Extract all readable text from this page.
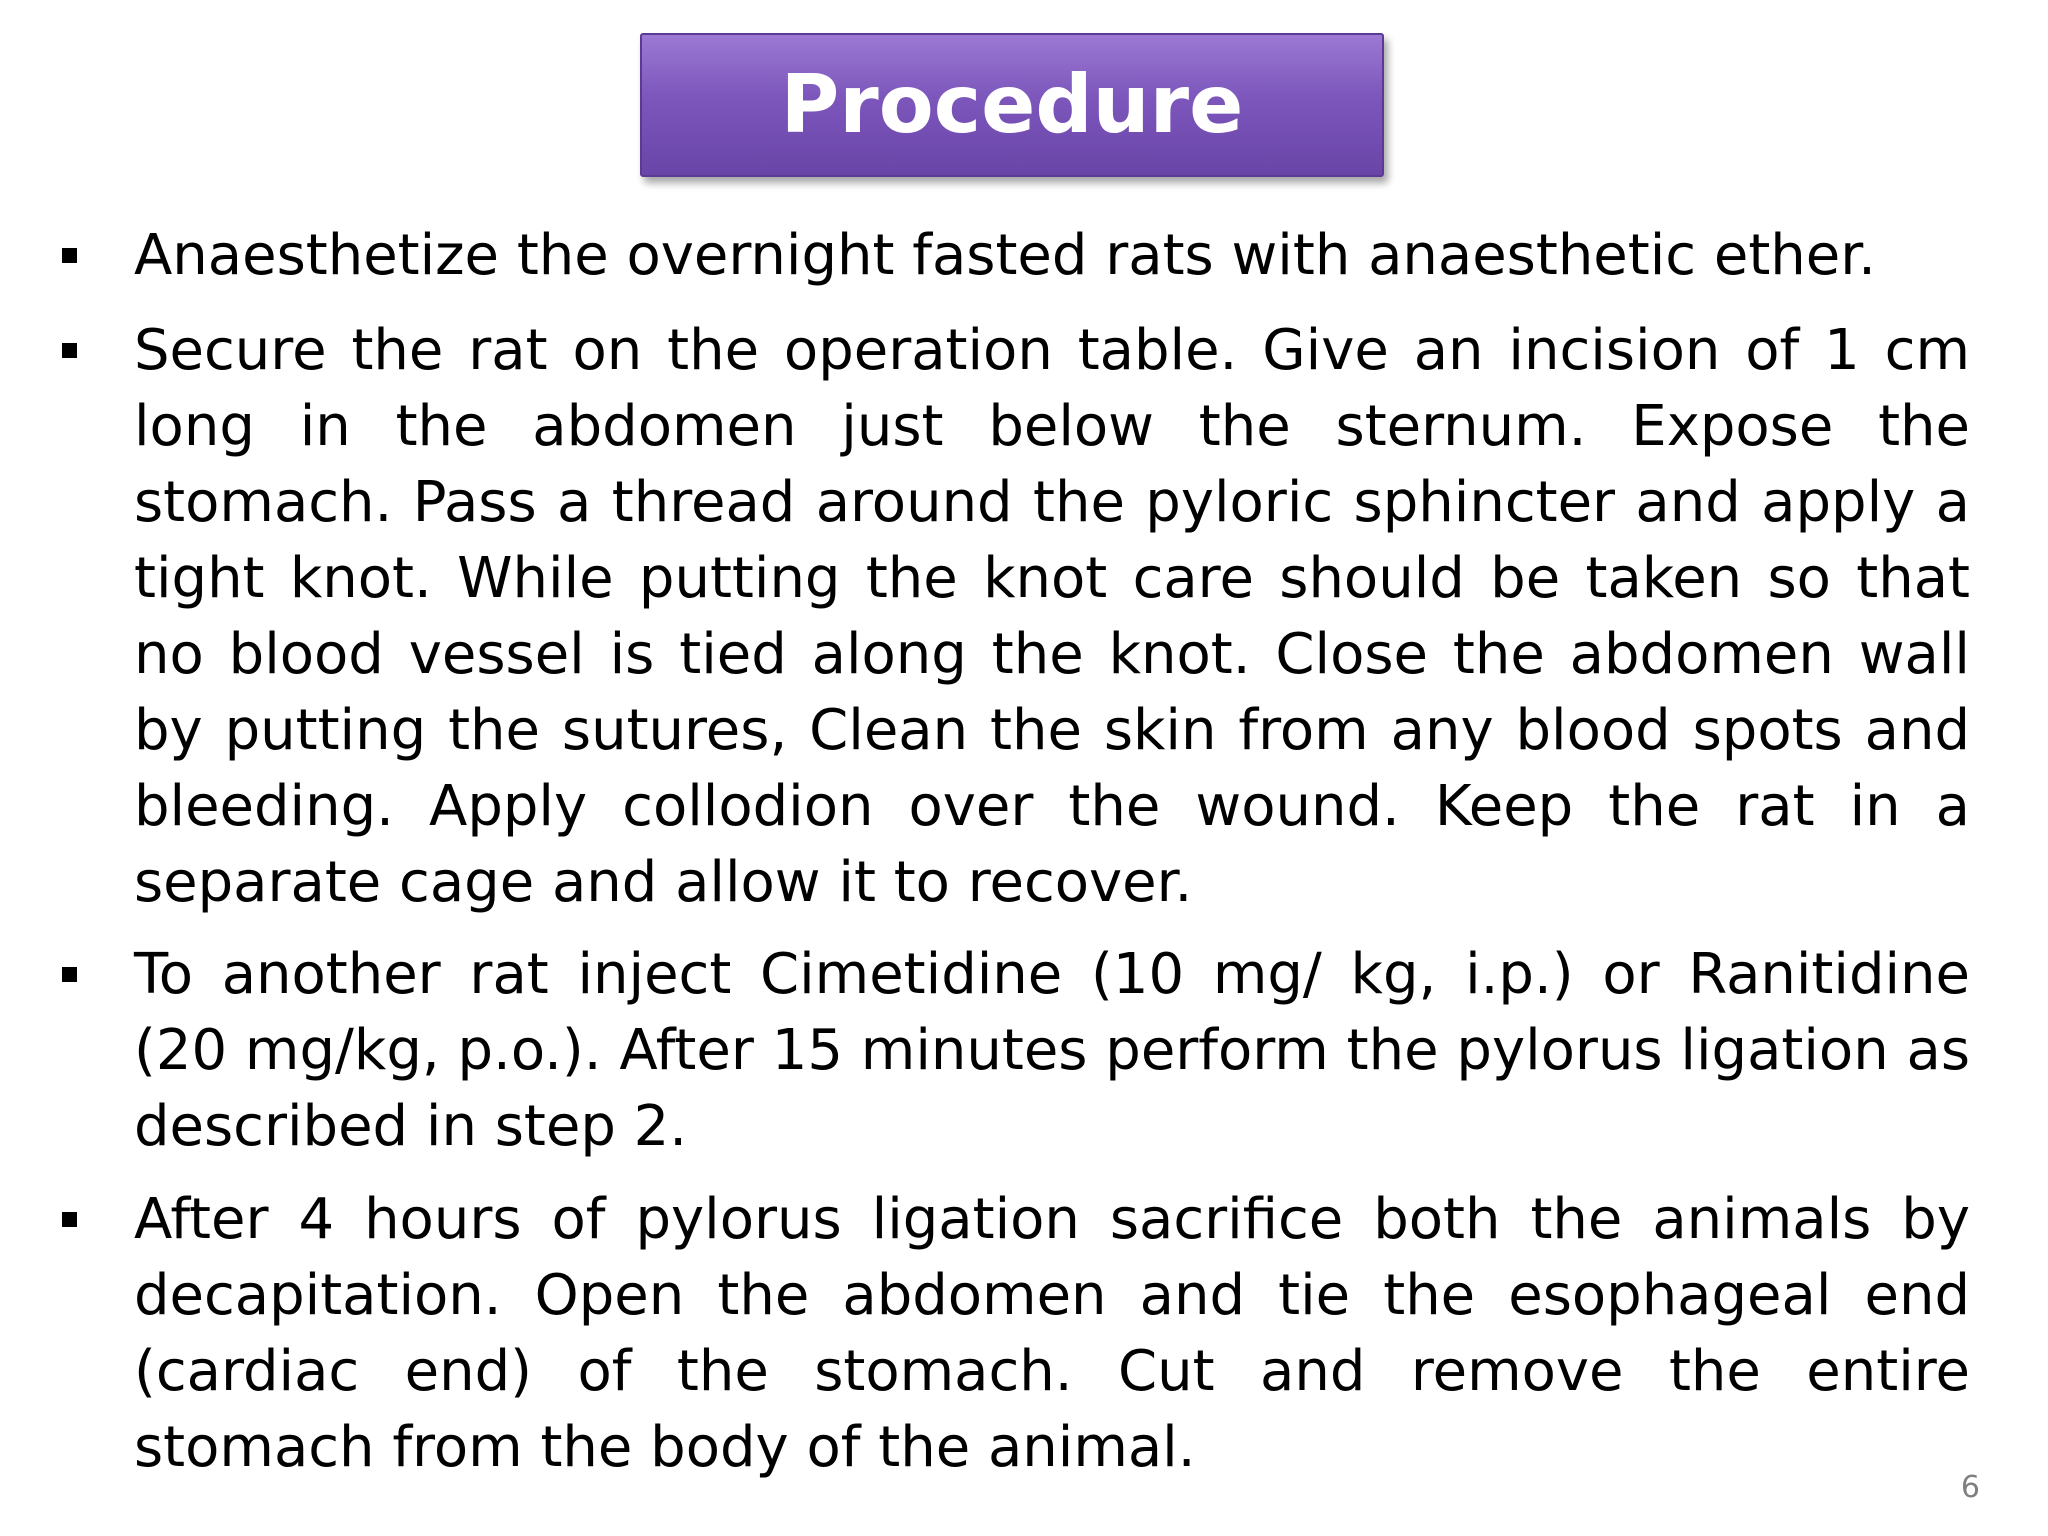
Procedure
Anaesthetize the overnight fasted rats with anaesthetic ether.
Secure the rat on the operation table. Give an incision of 1 cm long in the abdomen just below the sternum. Expose the stomach. Pass a thread around the pyloric sphincter and apply a tight knot. While putting the knot care should be taken so that no blood vessel is tied along the knot. Close the abdomen wall by putting the sutures, Clean the skin from any blood spots and bleeding. Apply collodion over the wound. Keep the rat in a separate cage and allow it to recover.
To another rat inject Cimetidine (10 mg/ kg, i.p.) or Ranitidine (20 mg/kg, p.o.). After 15 minutes perform the pylorus ligation as described in step 2.
After 4 hours of pylorus ligation sacrifice both the animals by decapitation. Open the abdomen and tie the esophageal end (cardiac end) of the stomach. Cut and remove the entire stomach from the body of the animal.
6
